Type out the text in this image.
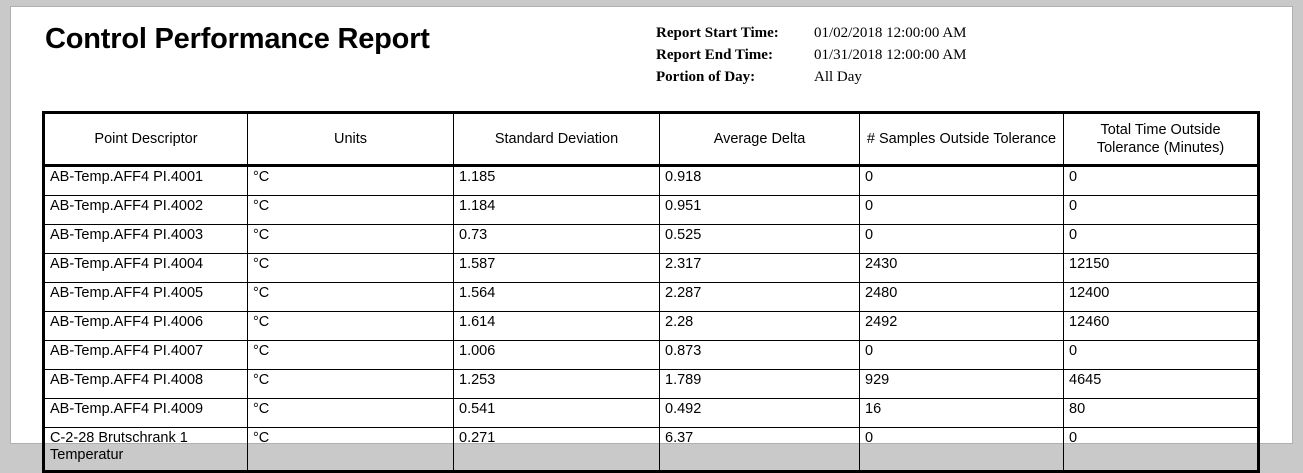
Control Performance Report	Report Start Time:	01/02/2018 12:00:00 AM
Report End Time:	01/31/2018 12:00:00 AM
Portion of Day:	All Day
Point Descriptor	Units	Standard Deviation	Average Delta	# Samples Outside Tolerance	Total Time Outside Tolerance (Minutes)
AB-Temp.AFF4 PI.4001	°C	1.185	0.918	0	0
AB-Temp.AFF4 PI.4002	°C	1.184	0.951	0	0
AB-Temp.AFF4 PI.4003	°C	0.73	0.525	0	0
AB-Temp.AFF4 PI.4004	°C	1.587	2.317	2430	12150
AB-Temp.AFF4 PI.4005	°C	1.564	2.287	2480	12400
AB-Temp.AFF4 PI.4006	°C	1.614	2.28	2492	12460
AB-Temp.AFF4 PI.4007	°C	1.006	0.873	0	0
AB-Temp.AFF4 PI.4008	°C	1.253	1.789	929	4645
AB-Temp.AFF4 PI.4009	°C	0.541	0.492	16	80
C-2-28 Brutschrank 1 Temperatur	°C	0.271	6.37	0	0
